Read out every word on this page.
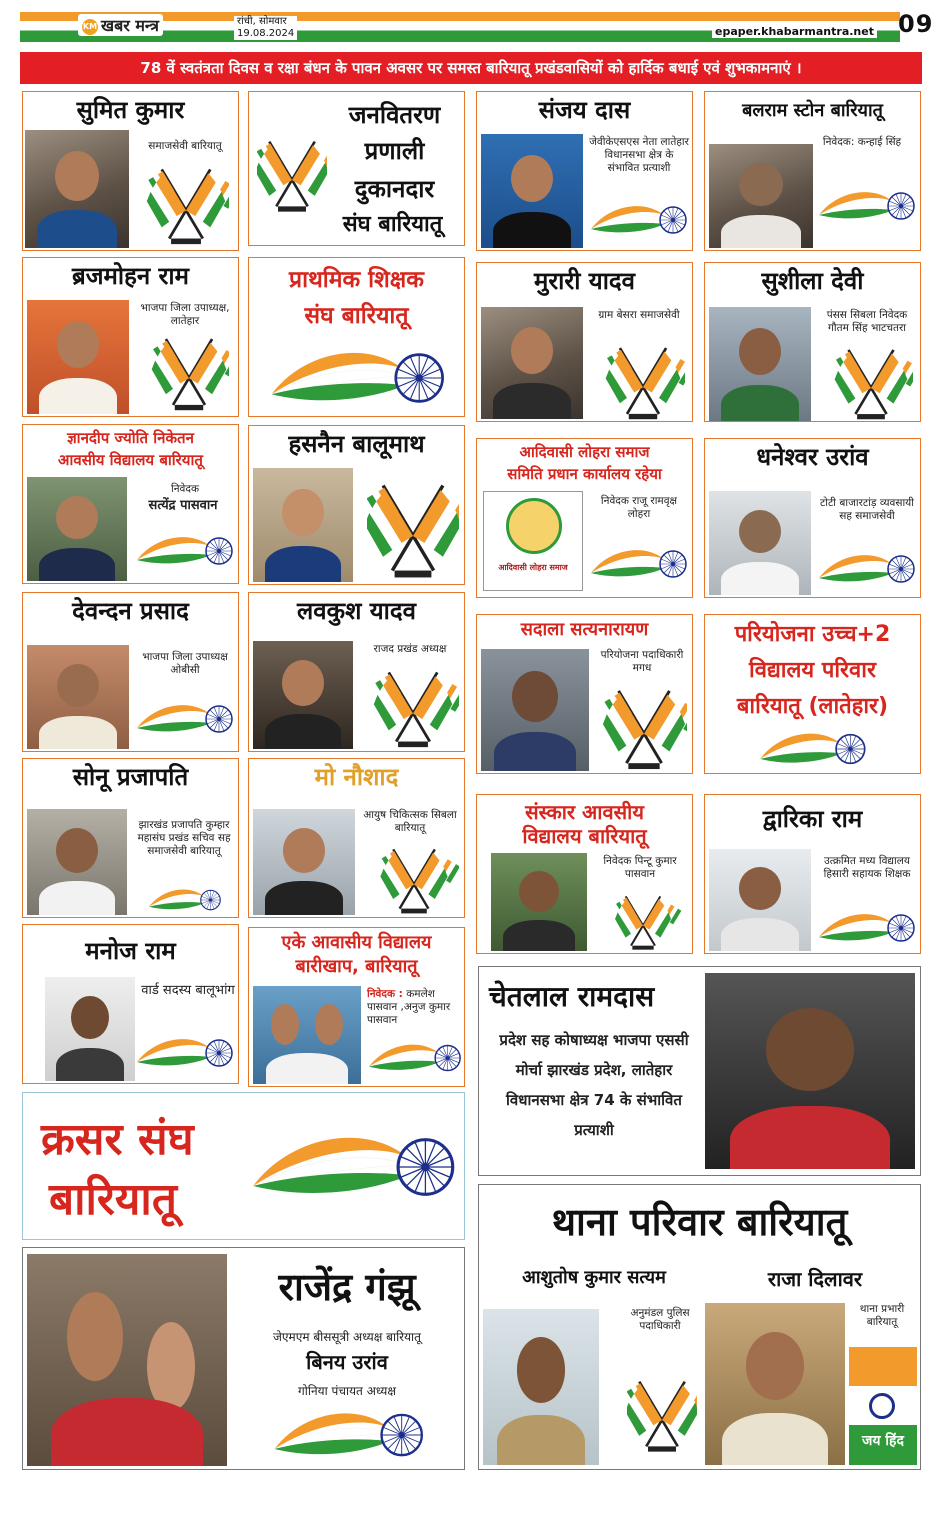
KM खबर मन्त्र	रांची, सोमवार
19.08.2024	epaper.khabarmantra.net 09
78 वें स्वतंत्रता दिवस व रक्षा बंधन के पावन अवसर पर समस्त बारियातू प्रखंडवासियों को हार्दिक बधाई एवं शुभकामनाएं ।
सुमित कुमार
समाजसेवी बारियातू
जनवितरण
प्रणाली
दुकानदार
संघ बारियातू
संजय दास
जेवीकेएसएस नेता लातेहार विधानसभा क्षेत्र के संभावित प्रत्याशी
बलराम स्टोन बारियातू
निवेदक: कन्हाई सिंह
ब्रजमोहन राम
भाजपा जिला उपाध्यक्ष, लातेहार
प्राथमिक शिक्षक
संघ बारियातू
मुरारी यादव
ग्राम बेसरा समाजसेवी
सुशीला देवी
पंसस सिबला निवेदक गौतम सिंह भाटचतरा
ज्ञानदीप ज्योति निकेतन
आवसीय विद्यालय बारियातू
निवेदक
सत्येंद्र पासवान
हसनैन बालूमाथ	आदिवासी लोहरा समाज
समिति प्रधान कार्यालय रहेया
आदिवासी लोहरा समाज
निवेदक राजू रामवृक्ष लोहरा
धनेश्वर उरांव
टोटी बाजारटांड़ व्यवसायी सह समाजसेवी
देवन्दन प्रसाद
भाजपा जिला उपाध्यक्ष ओबीसी
लवकुश यादव
राजद प्रखंड अध्यक्ष
सदाला सत्यनारायण
परियोजना पदाधिकारी मगध
परियोजना उच्च+2
विद्यालय परिवार
बारियातू (लातेहार)
सोनू प्रजापति
झारखंड प्रजापति कुम्हार महासंघ प्रखंड सचिव सह समाजसेवी बारियातू
मो नौशाद
आयुष चिकित्सक सिबला बारियातू
संस्कार आवसीय
विद्यालय बारियातू
निवेदक पिन्टू कुमार पासवान
द्वारिका राम
उत्क्रमित मध्य विद्यालय हिसारी सहायक शिक्षक
मनोज राम
वार्ड सदस्य बालूभांग
एके आवासीय विद्यालय
बारीखाप, बारियातू
निवेदक : कमलेश पासवान ,अनुज कुमार पासवान
चेतलाल रामदास
प्रदेश सह कोषाध्यक्ष भाजपा एससी मोर्चा झारखंड प्रदेश, लातेहार विधानसभा क्षेत्र 74 के संभावित प्रत्याशी
क्रसर संघ
बारियातू	थाना परिवार बारियातू
आशुतोष कुमार सत्यम	राजा दिलावर
अनुमंडल पुलिस पदाधिकारी
थाना प्रभारी बारियातू
जय हिंद
राजेंद्र गंझू
जेएमएम बीससूत्री अध्यक्ष बारियातू
बिनय उरांव
गोनिया पंचायत अध्यक्ष
